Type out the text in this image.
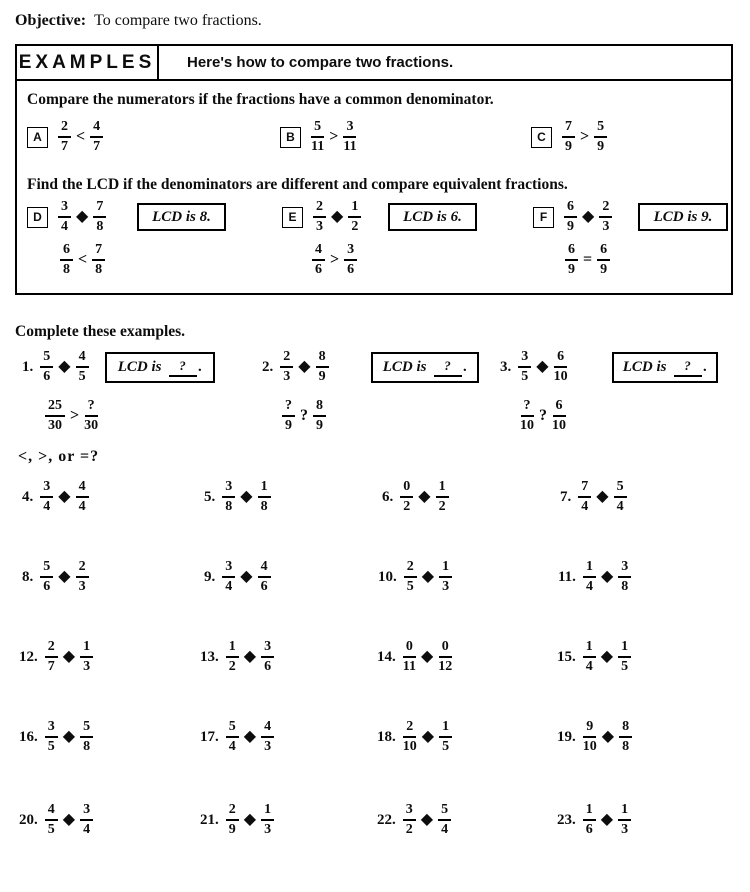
Objective: To compare two fractions.
EXAMPLES	Here's how to compare two fractions.
Compare the numerators if the fractions have a common denominator.
A	$\frac{2}{7} < \frac{4}{7}$	B	$\frac{5}{11} > \frac{3}{11}$	C	$\frac{7}{9} > \frac{5}{9}$
Find the LCD if the denominators are different and compare equivalent fractions.
D	$\frac{3}{4}$ ◆ $\frac{7}{8}$	LCD is 8.	E	$\frac{2}{3}$ ◆ $\frac{1}{2}$	LCD is 6.	F	$\frac{6}{9}$ ◆ $\frac{2}{3}$	LCD is 9.
$\frac{6}{8} < \frac{7}{8}$	$\frac{4}{6} > \frac{3}{6}$	$\frac{6}{9} = \frac{6}{9}$
Complete these examples.
1. $\frac{5}{6}$ ◆ $\frac{4}{5}$ LCD is	? .	2. $\frac{2}{3}$ ◆ $\frac{8}{9}$	LCD is	? . 3. $\frac{3}{5}$ ◆ $\frac{6}{10}$	LCD is	? .
$\frac{25}{30} > \frac{?}{30}$	$\frac{?}{9}$ ? $\frac{8}{9}$	$\frac{?}{10}$ ? $\frac{6}{10}$
<, >, or =?
4. $\frac{3}{4}$ ◆ $\frac{4}{4}$	5. $\frac{3}{8}$ ◆ $\frac{1}{8}$	6. $\frac{0}{2}$ ◆ $\frac{1}{2}$	7. $\frac{7}{4}$ ◆ $\frac{5}{4}$
8. $\frac{5}{6}$ ◆ $\frac{2}{3}$	9. $\frac{3}{4}$ ◆ $\frac{4}{6}$	10. $\frac{2}{5}$ ◆ $\frac{1}{3}$	11. $\frac{1}{4}$ ◆ $\frac{3}{8}$
12. $\frac{2}{7}$ ◆ $\frac{1}{3}$	13. $\frac{1}{2}$ ◆ $\frac{3}{6}$	14. $\frac{0}{11}$ ◆ $\frac{0}{12}$	15. $\frac{1}{4}$ ◆ $\frac{1}{5}$
16. $\frac{3}{5}$ ◆ $\frac{5}{8}$	17. $\frac{5}{4}$ ◆ $\frac{4}{3}$	18. $\frac{2}{10}$ ◆ $\frac{1}{5}$	19. $\frac{9}{10}$ ◆ $\frac{8}{8}$
20. $\frac{4}{5}$ ◆ $\frac{3}{4}$	21. $\frac{2}{9}$ ◆ $\frac{1}{3}$	22. $\frac{3}{2}$ ◆ $\frac{5}{4}$	23. $\frac{1}{6}$ ◆ $\frac{1}{3}$
